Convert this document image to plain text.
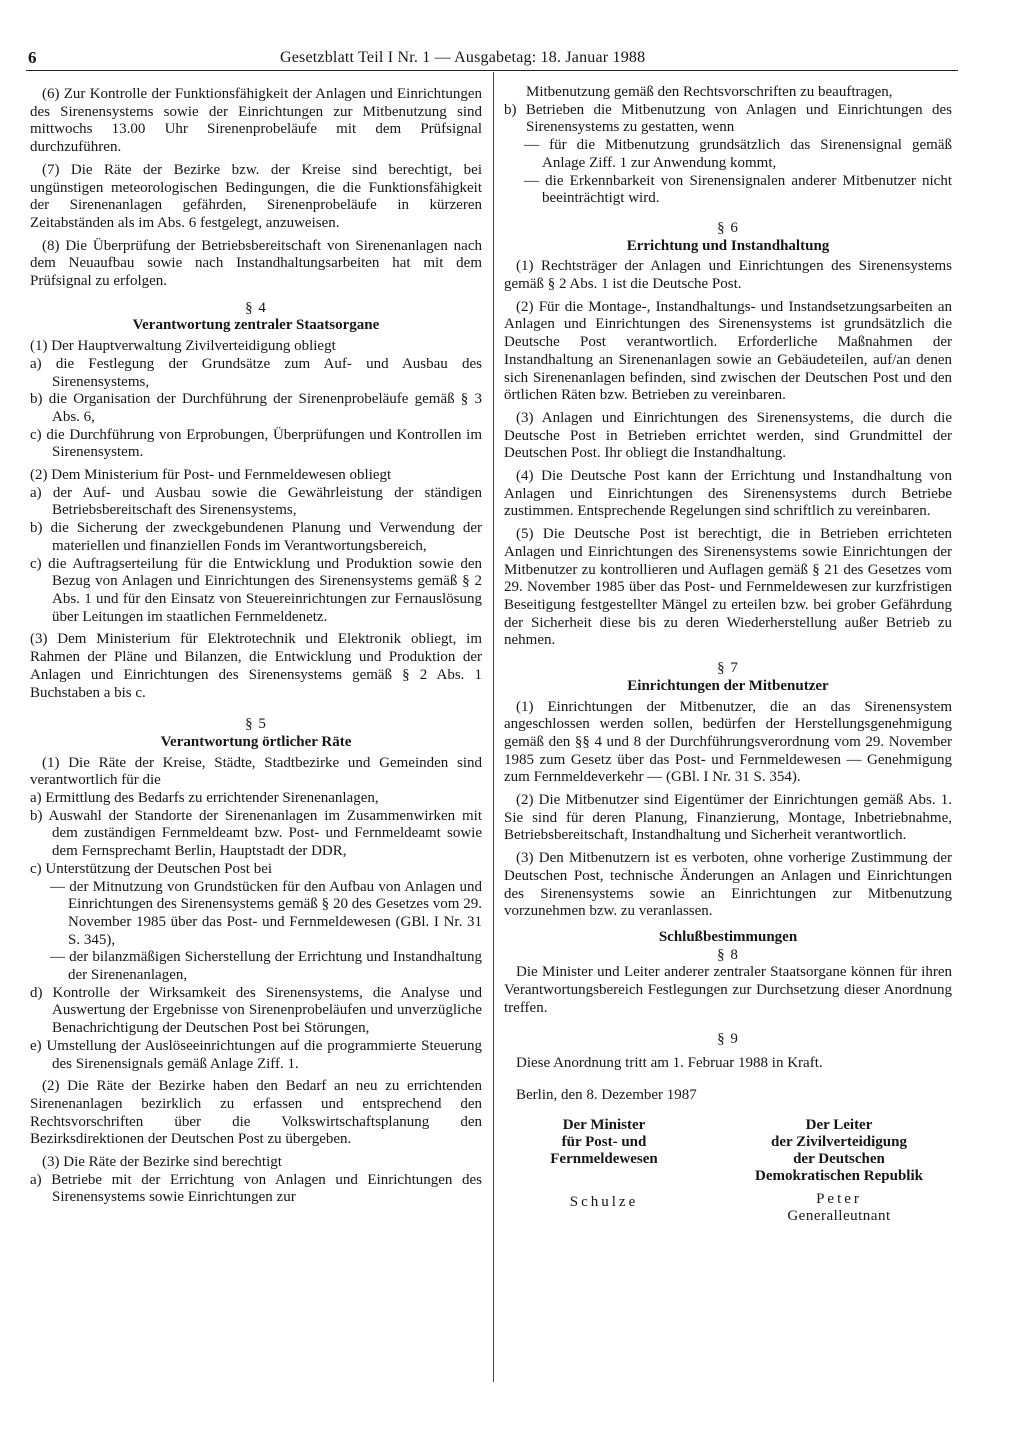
6	Gesetzblatt Teil I Nr. 1 — Ausgabetag: 18. Januar 1988

(6) Zur Kontrolle der Funktionsfähigkeit der Anlagen und Einrichtungen des Sirenensystems sowie der Einrichtungen zur Mitbenutzung sind mittwochs 13.00 Uhr Sirenenprobeläufe mit dem Prüfsignal durchzuführen.

(7) Die Räte der Bezirke bzw. der Kreise sind berechtigt, bei ungünstigen meteorologischen Bedingungen, die die Funktionsfähigkeit der Sirenenanlagen gefährden, Sirenenprobeläufe in kürzeren Zeitabständen als im Abs. 6 festgelegt, anzuweisen.

(8) Die Überprüfung der Betriebsbereitschaft von Sirenenanlagen nach dem Neuaufbau sowie nach Instandhaltungsarbeiten hat mit dem Prüfsignal zu erfolgen.

§ 4

Verantwortung zentraler Staatsorgane

(1) Der Hauptverwaltung Zivilverteidigung obliegt

a) die Festlegung der Grundsätze zum Auf- und Ausbau des Sirenensystems,

b) die Organisation der Durchführung der Sirenenprobeläufe gemäß § 3 Abs. 6,

c) die Durchführung von Erprobungen, Überprüfungen und Kontrollen im Sirenensystem.

(2) Dem Ministerium für Post- und Fernmeldewesen obliegt

a) der Auf- und Ausbau sowie die Gewährleistung der ständigen Betriebsbereitschaft des Sirenensystems,

b) die Sicherung der zweckgebundenen Planung und Verwendung der materiellen und finanziellen Fonds im Verantwortungsbereich,

c) die Auftragserteilung für die Entwicklung und Produktion sowie den Bezug von Anlagen und Einrichtungen des Sirenensystems gemäß § 2 Abs. 1 und für den Einsatz von Steuereinrichtungen zur Fernauslösung über Leitungen im staatlichen Fernmeldenetz.

(3) Dem Ministerium für Elektrotechnik und Elektronik obliegt, im Rahmen der Pläne und Bilanzen, die Entwicklung und Produktion der Anlagen und Einrichtungen des Sirenensystems gemäß § 2 Abs. 1 Buchstaben a bis c.

§ 5

Verantwortung örtlicher Räte

(1) Die Räte der Kreise, Städte, Stadtbezirke und Gemeinden sind verantwortlich für die

a) Ermittlung des Bedarfs zu errichtender Sirenenanlagen,

b) Auswahl der Standorte der Sirenenanlagen im Zusammenwirken mit dem zuständigen Fernmeldeamt bzw. Post- und Fernmeldeamt sowie dem Fernsprechamt Berlin, Hauptstadt der DDR,

c) Unterstützung der Deutschen Post bei

— der Mitnutzung von Grundstücken für den Aufbau von Anlagen und Einrichtungen des Sirenensystems gemäß § 20 des Gesetzes vom 29. November 1985 über das Post- und Fernmeldewesen (GBl. I Nr. 31 S. 345),

— der bilanzmäßigen Sicherstellung der Errichtung und Instandhaltung der Sirenenanlagen,

d) Kontrolle der Wirksamkeit des Sirenensystems, die Analyse und Auswertung der Ergebnisse von Sirenenprobeläufen und unverzügliche Benachrichtigung der Deutschen Post bei Störungen,

e) Umstellung der Auslöseeinrichtungen auf die programmierte Steuerung des Sirenensignals gemäß Anlage Ziff. 1.

(2) Die Räte der Bezirke haben den Bedarf an neu zu errichtenden Sirenenanlagen bezirklich zu erfassen und entsprechend den Rechtsvorschriften über die Volkswirtschaftsplanung den Bezirksdirektionen der Deutschen Post zu übergeben.

(3) Die Räte der Bezirke sind berechtigt

a) Betriebe mit der Errichtung von Anlagen und Einrichtungen des Sirenensystems sowie Einrichtungen zur

Mitbenutzung gemäß den Rechtsvorschriften zu beauftragen,

b) Betrieben die Mitbenutzung von Anlagen und Einrichtungen des Sirenensystems zu gestatten, wenn

— für die Mitbenutzung grundsätzlich das Sirenensignal gemäß Anlage Ziff. 1 zur Anwendung kommt,

— die Erkennbarkeit von Sirenensignalen anderer Mitbenutzer nicht beeinträchtigt wird.

§ 6

Errichtung und Instandhaltung

(1) Rechtsträger der Anlagen und Einrichtungen des Sirenensystems gemäß § 2 Abs. 1 ist die Deutsche Post.

(2) Für die Montage-, Instandhaltungs- und Instandsetzungsarbeiten an Anlagen und Einrichtungen des Sirenensystems ist grundsätzlich die Deutsche Post verantwortlich. Erforderliche Maßnahmen der Instandhaltung an Sirenenanlagen sowie an Gebäudeteilen, auf/an denen sich Sirenenanlagen befinden, sind zwischen der Deutschen Post und den örtlichen Räten bzw. Betrieben zu vereinbaren.

(3) Anlagen und Einrichtungen des Sirenensystems, die durch die Deutsche Post in Betrieben errichtet werden, sind Grundmittel der Deutschen Post. Ihr obliegt die Instandhaltung.

(4) Die Deutsche Post kann der Errichtung und Instandhaltung von Anlagen und Einrichtungen des Sirenensystems durch Betriebe zustimmen. Entsprechende Regelungen sind schriftlich zu vereinbaren.

(5) Die Deutsche Post ist berechtigt, die in Betrieben errichteten Anlagen und Einrichtungen des Sirenensystems sowie Einrichtungen der Mitbenutzer zu kontrollieren und Auflagen gemäß § 21 des Gesetzes vom 29. November 1985 über das Post- und Fernmeldewesen zur kurzfristigen Beseitigung festgestellter Mängel zu erteilen bzw. bei grober Gefährdung der Sicherheit diese bis zu deren Wiederherstellung außer Betrieb zu nehmen.

§ 7

Einrichtungen der Mitbenutzer

(1) Einrichtungen der Mitbenutzer, die an das Sirenensystem angeschlossen werden sollen, bedürfen der Herstellungsgenehmigung gemäß den §§ 4 und 8 der Durchführungsverordnung vom 29. November 1985 zum Gesetz über das Post- und Fernmeldewesen — Genehmigung zum Fernmeldeverkehr — (GBl. I Nr. 31 S. 354).

(2) Die Mitbenutzer sind Eigentümer der Einrichtungen gemäß Abs. 1. Sie sind für deren Planung, Finanzierung, Montage, Inbetriebnahme, Betriebsbereitschaft, Instandhaltung und Sicherheit verantwortlich.

(3) Den Mitbenutzern ist es verboten, ohne vorherige Zustimmung der Deutschen Post, technische Änderungen an Anlagen und Einrichtungen des Sirenensystems sowie an Einrichtungen zur Mitbenutzung vorzunehmen bzw. zu veranlassen.

Schlußbestimmungen

§ 8

Die Minister und Leiter anderer zentraler Staatsorgane können für ihren Verantwortungsbereich Festlegungen zur Durchsetzung dieser Anordnung treffen.

§ 9

Diese Anordnung tritt am 1. Februar 1988 in Kraft.

Berlin, den 8. Dezember 1987

Der Minister
für Post- und
Fernmeldewesen
Schulze
Der Leiter
der Zivilverteidigung
der Deutschen
Demokratischen Republik
Peter
Generalleutnant
